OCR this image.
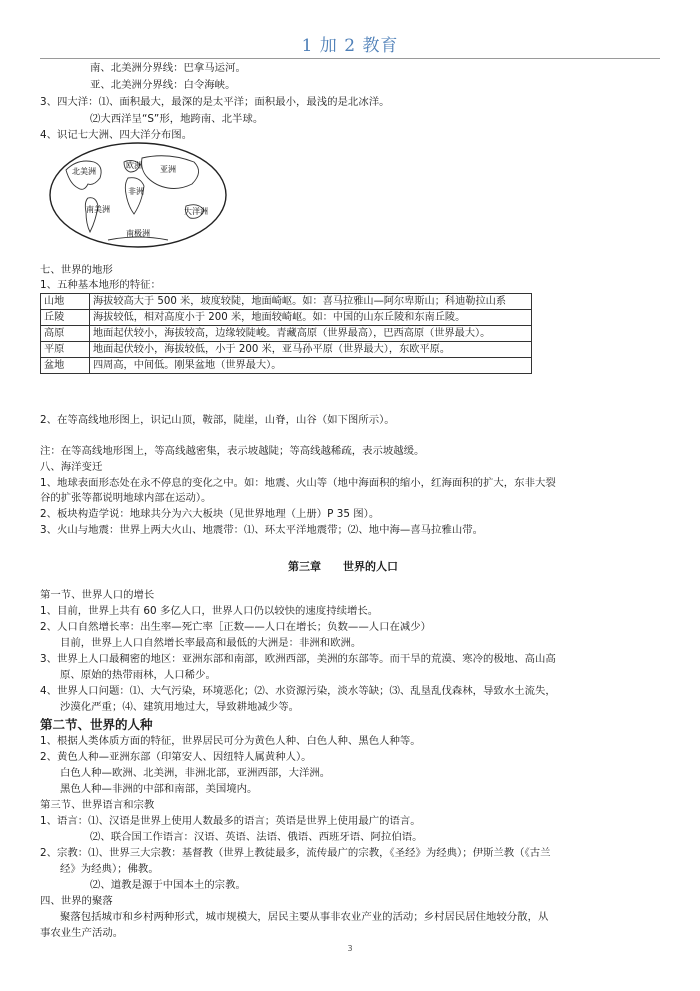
1 加 2 教育
南、北美洲分界线：巴拿马运河。
亚、北美洲分界线：白令海峡。
3、四大洋：⑴、面积最大，最深的是太平洋；面积最小，最浅的是北冰洋。
⑵大西洋呈“S”形，地跨南、北半球。
4、识记七大洲、四大洋分布图。
北美洲
欧洲 亚洲
非洲
南美洲	大洋洲
南极洲
七、世界的地形
1、五种基本地形的特征：
山地	海拔较高大于 500 米，坡度较陡，地面崎岖。如：喜马拉雅山—阿尔卑斯山；科迪勒拉山系
丘陵	海拔较低，相对高度小于 200 米，地面较崎岖。如：中国的山东丘陵和东南丘陵。
高原	地面起伏较小，海拔较高，边缘较陡峻。青藏高原（世界最高），巴西高原（世界最大）。
平原	地面起伏较小，海拔较低，小于 200 米，亚马孙平原（世界最大），东欧平原。
盆地	四周高，中间低。刚果盆地（世界最大）。
2、在等高线地形图上，识记山顶，鞍部，陡崖，山脊，山谷（如下图所示）。
注：在等高线地形图上，等高线越密集，表示坡越陡；等高线越稀疏，表示坡越缓。
八、海洋变迁
1、地球表面形态处在永不停息的变化之中。如：地震、火山等（地中海面积的缩小，红海面积的扩大，东非大裂
谷的扩张等都说明地球内部在运动）。
2、板块构造学说：地球共分为六大板块（见世界地理（上册）P 35 图）。
3、火山与地震：世界上两大火山、地震带：⑴、环太平洋地震带；⑵、地中海—喜马拉雅山带。
第三章　　世界的人口
第一节、世界人口的增长
1、目前，世界上共有 60 多亿人口，世界人口仍以较快的速度持续增长。
2、人口自然增长率：出生率—死亡率［正数——人口在增长；负数——人口在减少）
目前，世界上人口自然增长率最高和最低的大洲是：非洲和欧洲。
3、世界上人口最稠密的地区：亚洲东部和南部，欧洲西部，美洲的东部等。而干旱的荒漠、寒冷的极地、高山高
原、原始的热带雨林，人口稀少。
4、世界人口问题：⑴、大气污染，环境恶化；⑵、水资源污染，淡水等缺；⑶、乱垦乱伐森林，导致水土流失，
沙漠化严重；⑷、建筑用地过大，导致耕地减少等。
第二节、世界的人种
1、根据人类体质方面的特征，世界居民可分为黄色人种、白色人种、黑色人种等。
2、黄色人种—亚洲东部（印第安人、因纽特人属黄种人）。
白色人种—欧洲、北美洲，非洲北部，亚洲西部，大洋洲。
黑色人种—非洲的中部和南部，美国境内。
第三节、世界语言和宗教
1、语言：⑴、汉语是世界上使用人数最多的语言；英语是世界上使用最广的语言。
⑵、联合国工作语言：汉语、英语、法语、俄语、西班牙语、阿拉伯语。
2、宗教：⑴、世界三大宗教：基督教（世界上教徒最多，流传最广的宗教，《圣经》为经典）；伊斯兰教（《古兰
经》为经典）；佛教。
⑵、道教是源于中国本土的宗教。
四、世界的聚落
聚落包括城市和乡村两种形式，城市规模大，居民主要从事非农业产业的活动；乡村居民居住地较分散，从
事农业生产活动。
3
